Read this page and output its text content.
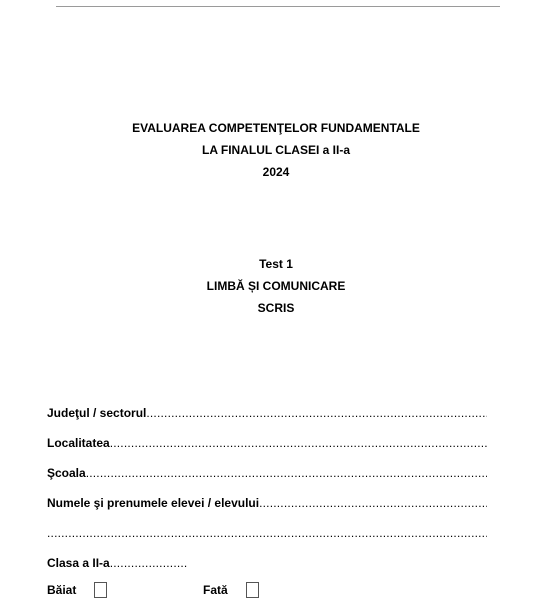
EVALUAREA COMPETENŢELOR FUNDAMENTALE
LA FINALUL CLASEI a II-a
2024
Test 1
LIMBĂ ȘI COMUNICARE
SCRIS
Judeţul / sectorul
.....
Localitatea
.....
Şcoala
.....
Numele şi prenumele elevei / elevului
.....
.....
Clasa a II-a ......................
Băiat	Fată
